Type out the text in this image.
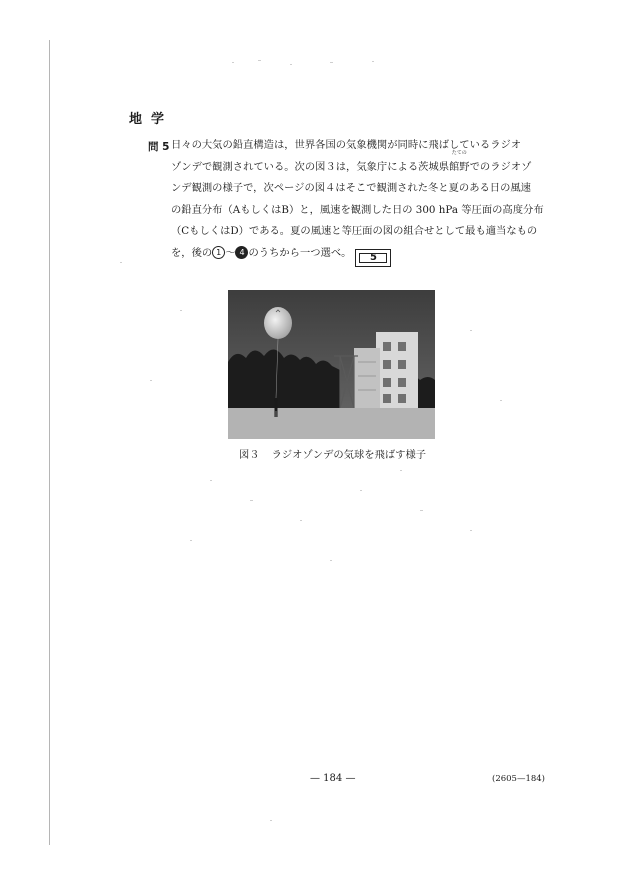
地学
問 5 日々の大気の鉛直構造は，世界各国の気象機関が同時に飛ばしているラジオ
ゾンデで観測されている。次の図３は，気象庁による茨城県
たての
館野でのラジオゾ
ンデ観測の様子で，次ページの図４はそこで観測された冬と夏のある日の風速
の鉛直分布（AもしくはB）と，風速を観測した日の 300 hPa 等圧面の高度分布
（CもしくはD）である。夏の風速と等圧面の図の組合せとして最も適当なもの
を，後の 1 〜 4 のうちから一つ選べ。 5
図３ ラジオゾンデの気球を飛ばす様子
— 184 —	(2605—184)
